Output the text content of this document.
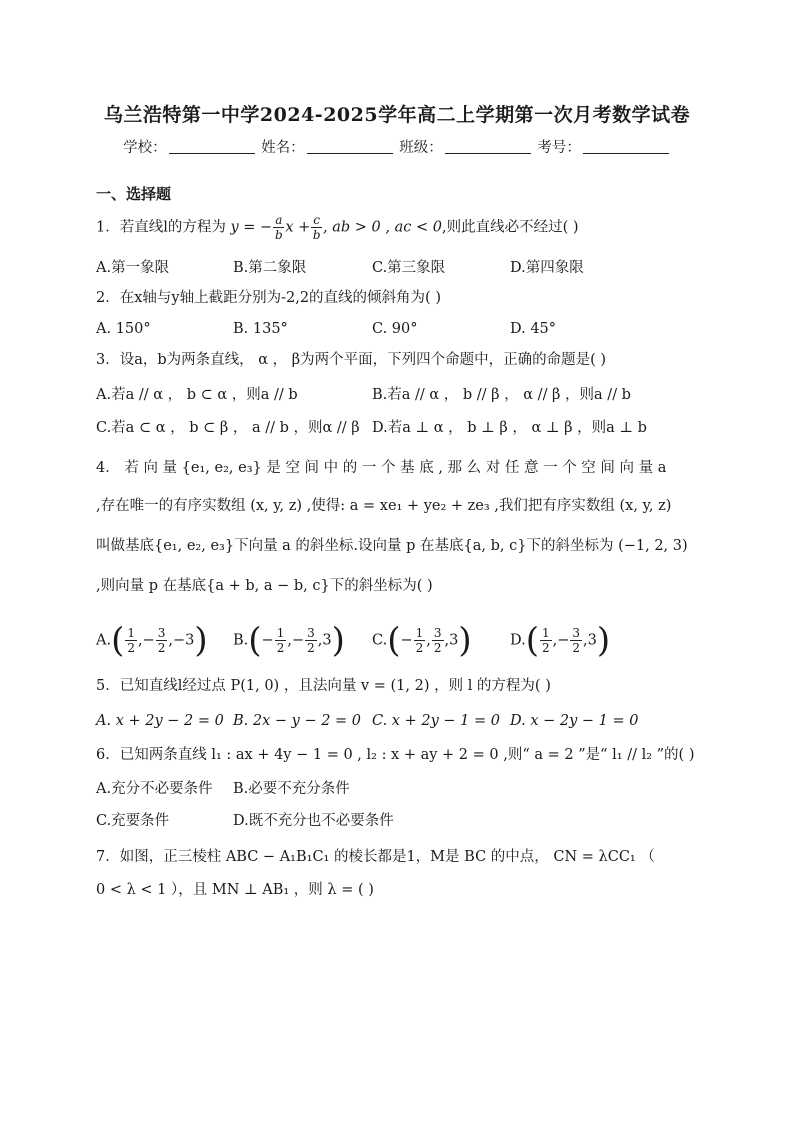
乌兰浩特第一中学2024-2025学年高二上学期第一次月考数学试卷
学校：	姓名：	班级：	考号：
一、选择题
1．若直线l的方程为 y = − $\frac{a}{b}$ $x + \frac{c}{b}$ , ab > 0 , ac < 0,则此直线必不经过( )
A.第一象限	B.第二象限	C.第三象限	D.第四象限
2．在x轴与y轴上截距分别为-2,2的直线的倾斜角为( )
A. 150°	B. 135°	C. 90°	D. 45°
3．设a，b为两条直线， α ， β为两个平面，下列四个命题中，正确的命题是( )
A.若a // α ， b ⊂ α ，则a // b	B.若a // α ， b // β ， α // β ，则a // b
C.若a ⊂ α ， b ⊂ β ， a // b ，则α // β D.若a ⊥ α ， b ⊥ β ， α ⊥ β ，则a ⊥ b
4． 若 向 量 {e₁, e₂, e₃} 是 空 间 中 的 一 个 基 底 , 那 么 对 任 意 一 个 空 间 向 量 a
,存在唯一的有序实数组 (x, y, z) ,使得: a = xe₁ + ye₂ + ze₃ ,我们把有序实数组 (x, y, z)
叫做基底{e₁, e₂, e₃}下向量 a 的斜坐标.设向量 p 在基底{a, b, c}下的斜坐标为 (−1, 2, 3)
,则向量 p 在基底{a + b, a − b, c}下的斜坐标为( )
$A.( \frac{1}{2}$ ,− $\frac{3}{2} ,-3$) $B.(- \frac{1}{2}$ ,− $\frac{3}{2} ,3$) $C.(- \frac{1}{2}$ , $\frac{3}{2} ,3$)	$D.( \frac{1}{2}$ ,− $\frac{3}{2} ,3$)
5．已知直线l经过点 P(1, 0) ，且法向量 v = (1, 2) ，则 l 的方程为( )
A. x + 2y − 2 = 0 B. 2x − y − 2 = 0 C. x + 2y − 1 = 0 D. x − 2y − 1 = 0
6．已知两条直线 l₁ : ax + 4y − 1 = 0 , l₂ : x + ay + 2 = 0 ,则“ a = 2 ”是“ l₁ // l₂ ”的( )
A.充分不必要条件 B.必要不充分条件
C.充要条件	D.既不充分也不必要条件
7．如图，正三棱柱 ABC − A₁B₁C₁ 的棱长都是1，M是 BC 的中点， CN = λCC₁ （
0 < λ < 1 ），且 MN ⊥ AB₁ ，则 λ = ( )
